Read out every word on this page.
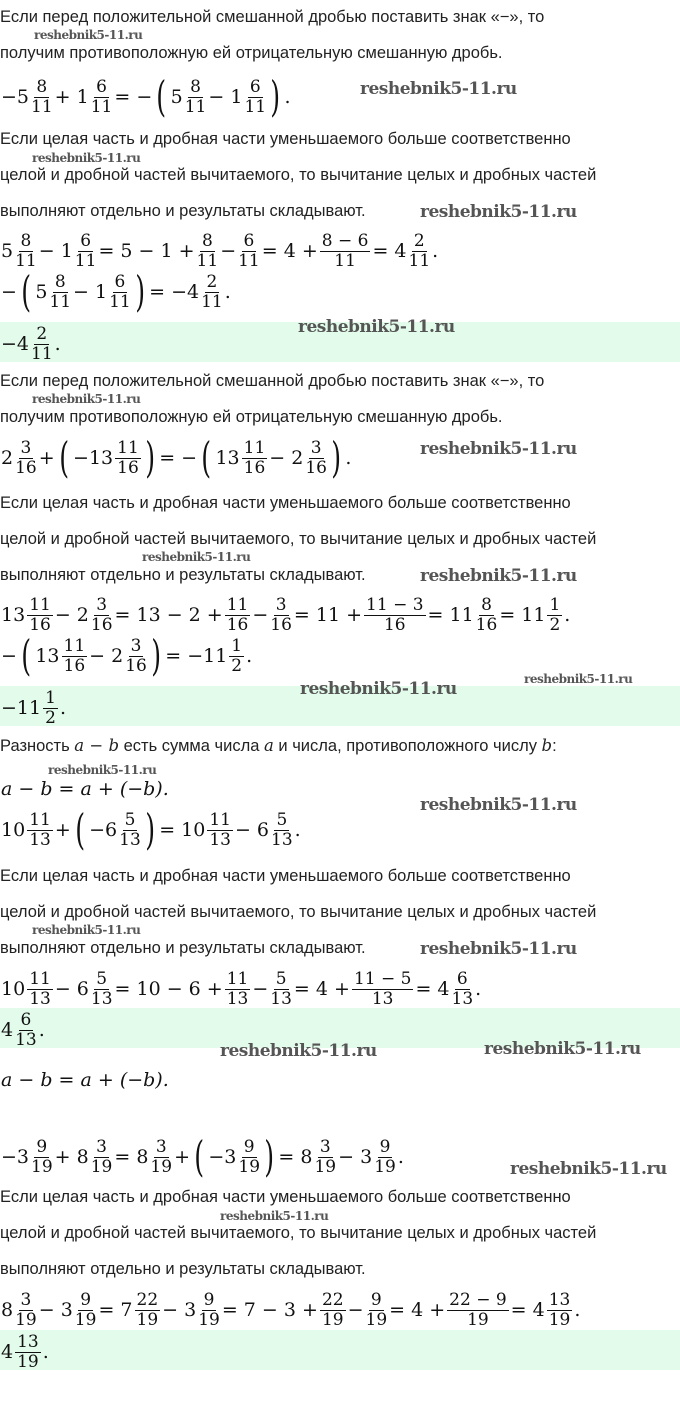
Если перед положительной смешанной дробью поставить знак «−», то
получим противоположную ей отрицательную смешанную дробь.
$-5 \frac{8}{11} + 1 \frac{6}{11}$ = − ( $5 \frac{8}{11} - 1 \frac{6}{11}$ ) .
Если целая часть и дробная части уменьшаемого больше соответственно
целой и дробной частей вычитаемого, то вычитание целых и дробных частей
выполняют отдельно и результаты складывают.
$5 \frac{8}{11} - 1 \frac{6}{11} = 5 - 1 + \frac{8}{11} - \frac{6}{11} = 4 + \frac{8 - 6}{11} = 4 \frac{2}{11}$ .
− ( $5 \frac{8}{11} - 1 \frac{6}{11}$ ) = $-4 \frac{2}{11}$ .
$-4 \frac{2}{11}$ .
Если перед положительной смешанной дробью поставить знак «−», то
получим противоположную ей отрицательную смешанную дробь.
$2 \frac{3}{16}$ + ( $-13 \frac{11}{16}$ ) = − ( $13 \frac{11}{16} - 2 \frac{3}{16}$ ) .
Если целая часть и дробная части уменьшаемого больше соответственно
целой и дробной частей вычитаемого, то вычитание целых и дробных частей
выполняют отдельно и результаты складывают.
$13 \frac{11}{16} - 2 \frac{3}{16} = 13 - 2 + \frac{11}{16} - \frac{3}{16} = 11 + \frac{11 - 3}{16} = 11 \frac{8}{16} = 11 \frac{1}{2}$ .
− ( $13 \frac{11}{16} - 2 \frac{3}{16}$ ) = $-11 \frac{1}{2}$ .
$-11 \frac{1}{2}$ .
Разность a − b есть сумма числа a и числа, противоположного числу b:
a − b = a + (−b).
$10 \frac{11}{13}$ + ( $-6 \frac{5}{13}$ ) = $10 \frac{11}{13} - 6 \frac{5}{13}$ .
Если целая часть и дробная части уменьшаемого больше соответственно
целой и дробной частей вычитаемого, то вычитание целых и дробных частей
выполняют отдельно и результаты складывают.
$10 \frac{11}{13} - 6 \frac{5}{13} = 10 - 6 + \frac{11}{13} - \frac{5}{13} = 4 + \frac{11 - 5}{13} = 4 \frac{6}{13}$ .
$4 \frac{6}{13}$ .
a − b = a + (−b).
$-3 \frac{9}{19} + 8 \frac{3}{19} = 8 \frac{3}{19}$ + ( $-3 \frac{9}{19}$ ) = $8 \frac{3}{19} - 3 \frac{9}{19}$ .
Если целая часть и дробная части уменьшаемого больше соответственно
целой и дробной частей вычитаемого, то вычитание целых и дробных частей
выполняют отдельно и результаты складывают.
$8 \frac{3}{19} - 3 \frac{9}{19} = 7 \frac{22}{19} - 3 \frac{9}{19} = 7 - 3 + \frac{22}{19} - \frac{9}{19} = 4 + \frac{22 - 9}{19} = 4 \frac{13}{19}$ .
$4 \frac{13}{19}$ .
reshebnik5-11.ru
reshebnik5-11.ru
reshebnik5-11.ru
reshebnik5-11.ru
reshebnik5-11.ru
reshebnik5-11.ru
reshebnik5-11.ru
reshebnik5-11.ru
reshebnik5-11.ru
reshebnik5-11.ru	reshebnik5-11.ru
reshebnik5-11.ru
reshebnik5-11.ru
reshebnik5-11.ru
reshebnik5-11.ru
reshebnik5-11.ru	reshebnik5-11.ru
reshebnik5-11.ru
reshebnik5-11.ru
